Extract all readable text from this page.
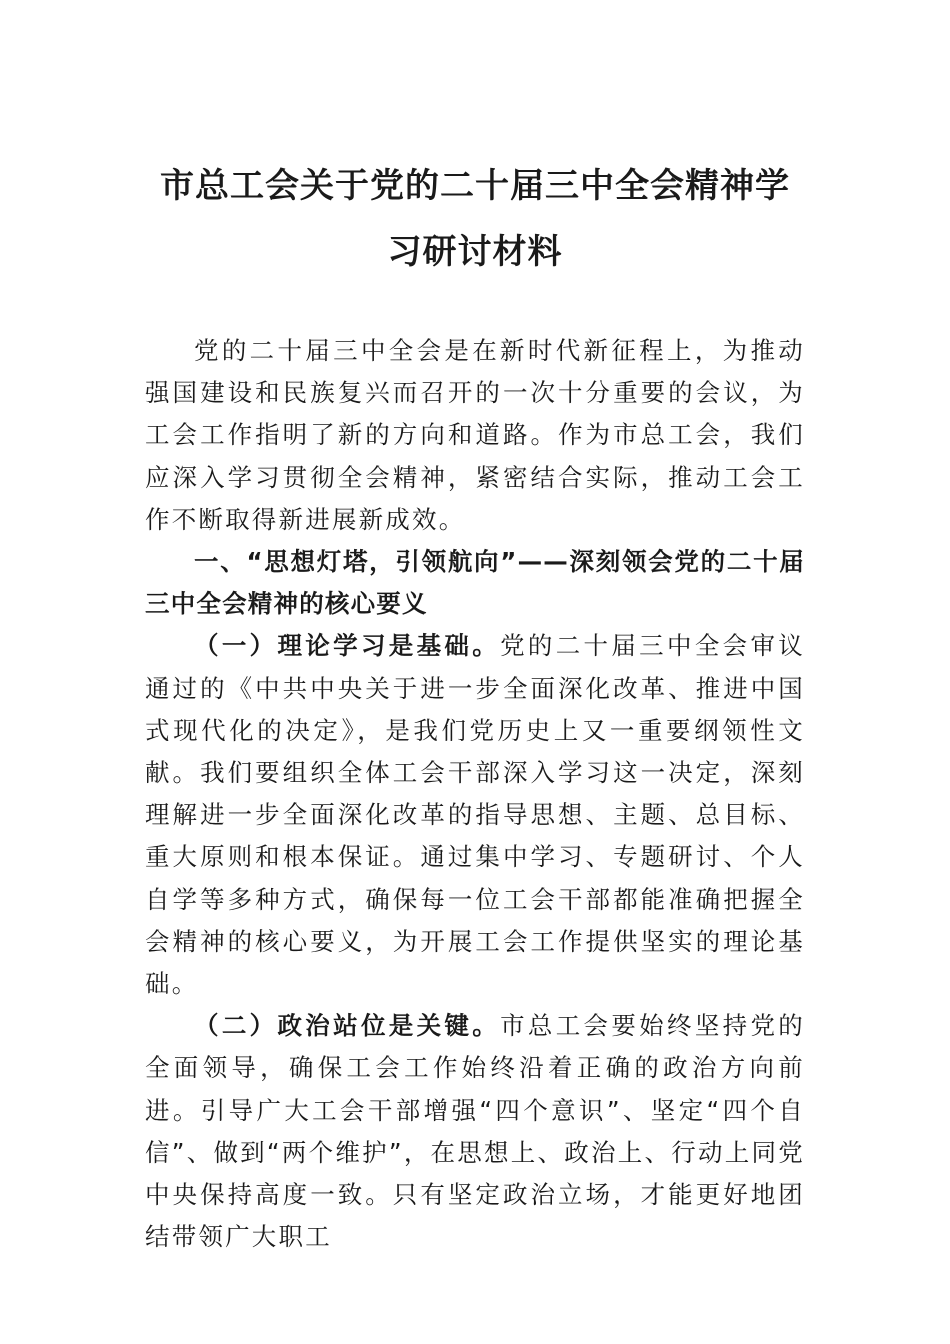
市总工会关于党的二十届三中全会精神学
习研讨材料

党的二十届三中全会是在新时代新征程上，为推动强国建设和民族复兴而召开的一次十分重要的会议，为工会工作指明了新的方向和道路。作为市总工会，我们应深入学习贯彻全会精神，紧密结合实际，推动工会工作不断取得新进展新成效。

一、“思想灯塔，引领航向”——深刻领会党的二十届三中全会精神的核心要义

（一）理论学习是基础。党的二十届三中全会审议通过的《中共中央关于进一步全面深化改革、推进中国式现代化的决定》，是我们党历史上又一重要纲领性文献。我们要组织全体工会干部深入学习这一决定，深刻理解进一步全面深化改革的指导思想、主题、总目标、重大原则和根本保证。通过集中学习、专题研讨、个人自学等多种方式，确保每一位工会干部都能准确把握全会精神的核心要义，为开展工会工作提供坚实的理论基础。

（二）政治站位是关键。市总工会要始终坚持党的全面领导，确保工会工作始终沿着正确的政治方向前进。引导广大工会干部增强“四个意识”、坚定“四个自信”、做到“两个维护”，在思想上、政治上、行动上同党中央保持高度一致。只有坚定政治立场，才能更好地团结带领广大职工
